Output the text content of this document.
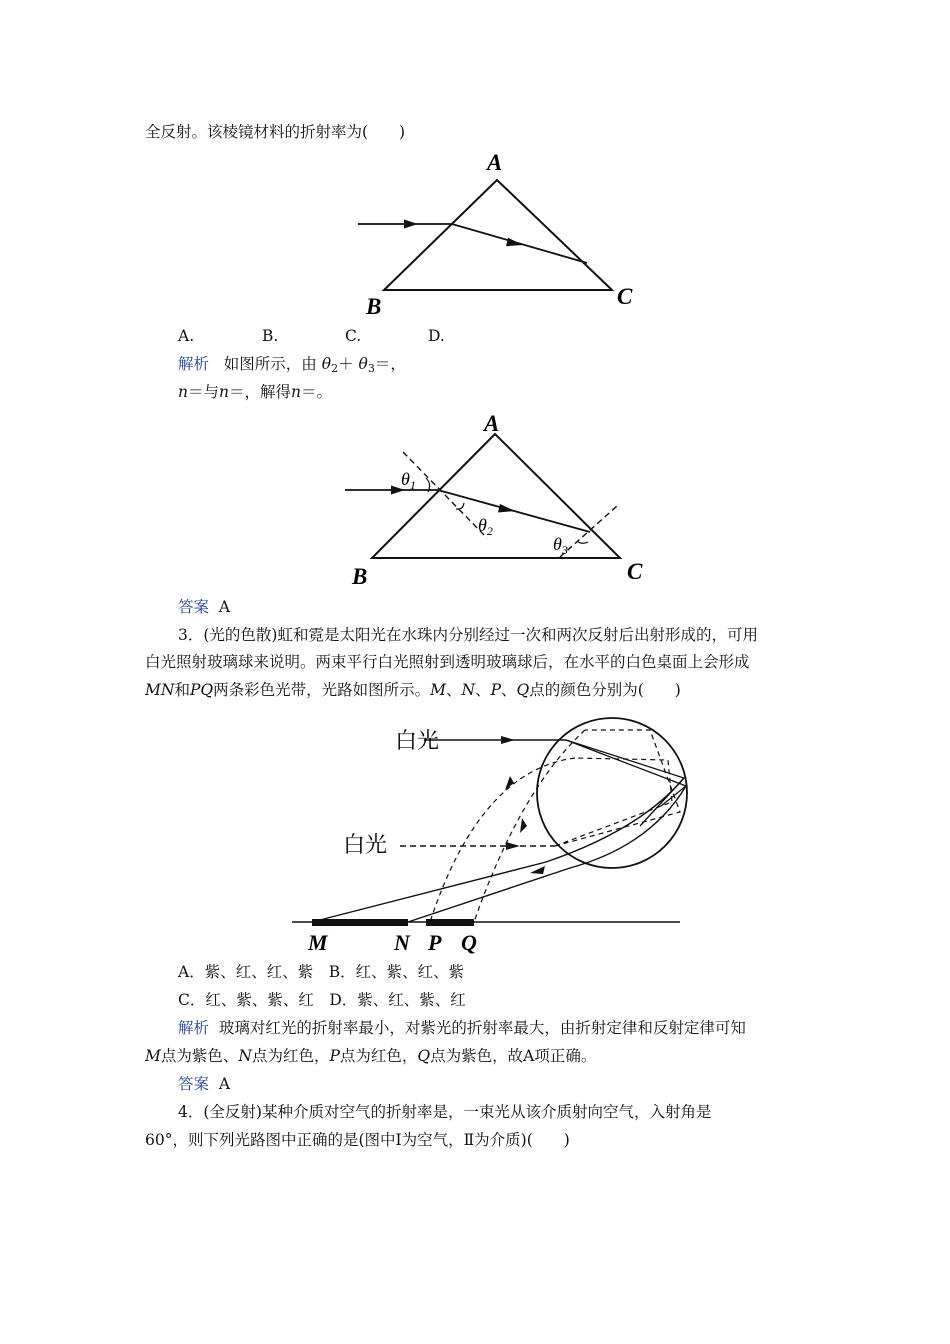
全反射。该棱镜材料的折射率为(　　)
A
B	C
A.	B.	C.	D.
解析 如图所示，由 $\theta_2+ \theta_3=$，
n＝与n＝，解得n＝。
$\theta_1$
$\theta_2$
$\theta_3$
A
B	C
答案 A
3．(光的色散)虹和霓是太阳光在水珠内分别经过一次和两次反射后出射形成的，可用
白光照射玻璃球来说明。两束平行白光照射到透明玻璃球后，在水平的白色桌面上会形成
MN和PQ两条彩色光带，光路如图所示。M、N、P、Q点的颜色分别为(　　)
白光
白光
M	N P Q
A．紫、红、红、紫　B．红、紫、红、紫
C．红、紫、紫、红　D．紫、红、紫、红
解析 玻璃对红光的折射率最小，对紫光的折射率最大，由折射定律和反射定律可知
M点为紫色、N点为红色，P点为红色，Q点为紫色，故A项正确。
答案 A
4．(全反射)某种介质对空气的折射率是，一束光从该介质射向空气，入射角是
60°，则下列光路图中正确的是(图中Ⅰ为空气，Ⅱ为介质)(　　)
